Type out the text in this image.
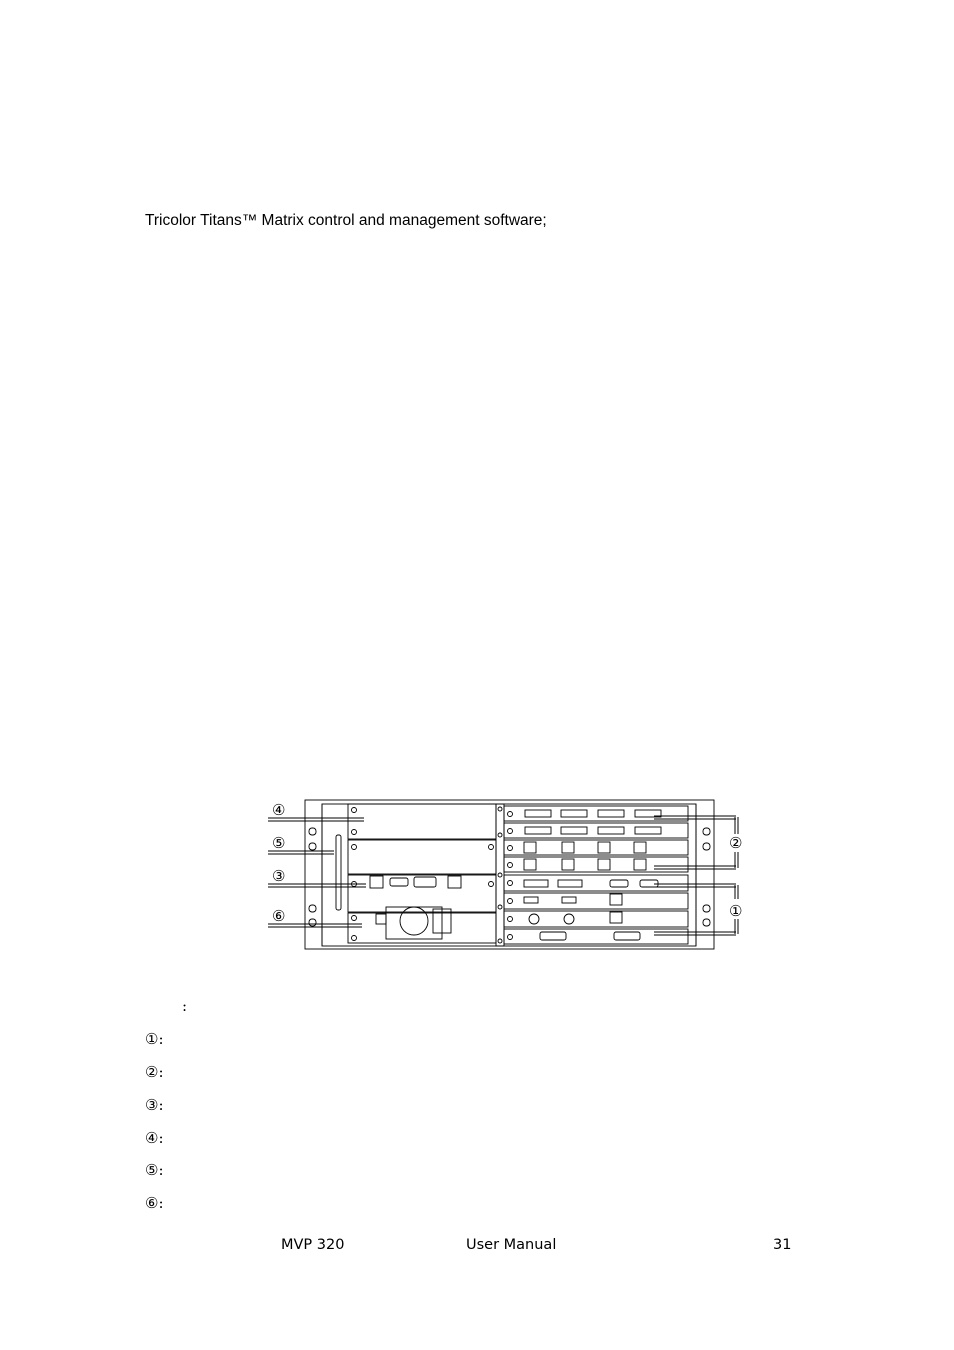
Tricolor Titans™ Matrix control and management software;
④
⑤
③
⑥
②
①
:
①:
②:
③:
④:
⑤:
⑥:
MVP 320	User Manual	31
